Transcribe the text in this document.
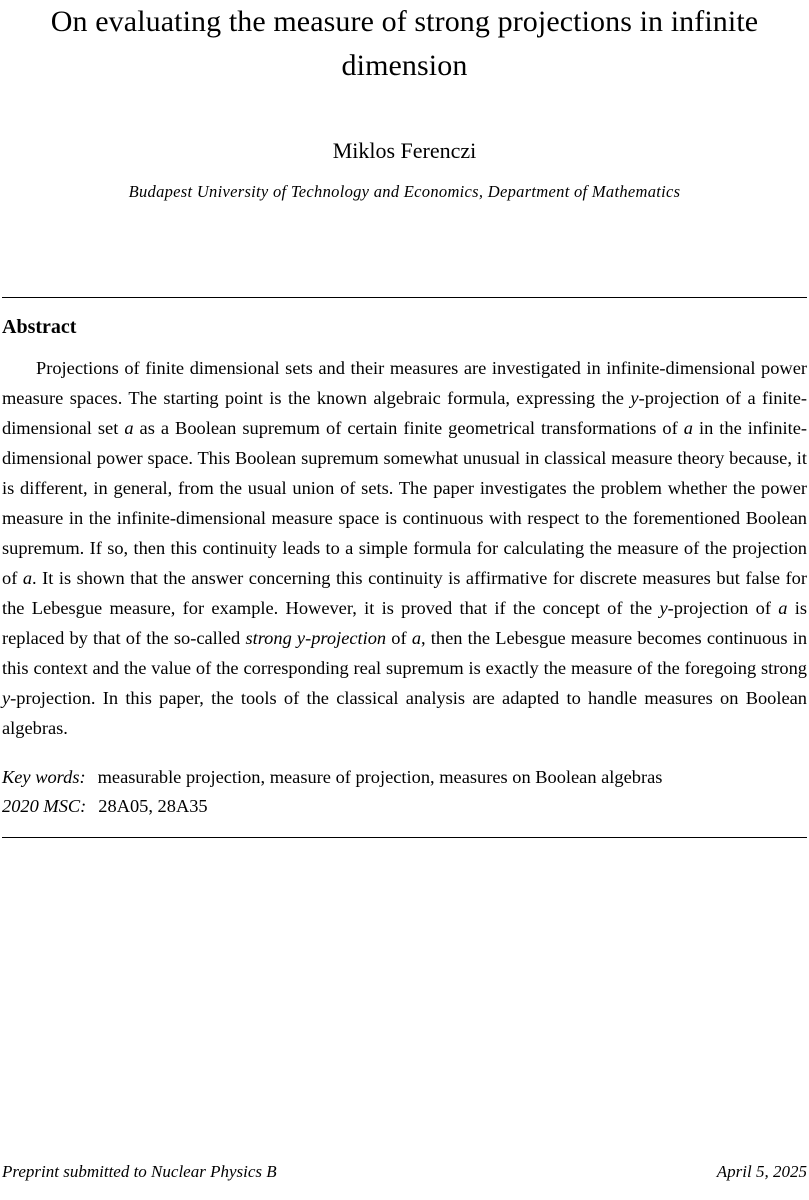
On evaluating the measure of strong projections in infinite dimension
Miklos Ferenczi
Budapest University of Technology and Economics, Department of Mathematics
Abstract

Projections of finite dimensional sets and their measures are investigated in infinite-dimensional power measure spaces. The starting point is the known algebraic formula, expressing the y-projection of a finite-dimensional set a as a Boolean supremum of certain finite geometrical transformations of a in the infinite-dimensional power space. This Boolean supremum somewhat unusual in classical measure theory because, it is different, in general, from the usual union of sets. The paper investigates the problem whether the power measure in the infinite-dimensional measure space is continuous with respect to the forementioned Boolean supremum. If so, then this continuity leads to a simple formula for calculating the measure of the projection of a. It is shown that the answer concerning this continuity is affirmative for discrete measures but false for the Lebesgue measure, for example. However, it is proved that if the concept of the y-projection of a is replaced by that of the so-called strong y-projection of a, then the Lebesgue measure becomes continuous in this context and the value of the corresponding real supremum is exactly the measure of the foregoing strong y-projection. In this paper, the tools of the classical analysis are adapted to handle measures on Boolean algebras.

Key words: measurable projection, measure of projection, measures on Boolean algebras
2020 MSC: 28A05, 28A35
Preprint submitted to Nuclear Physics B	April 5, 2025
